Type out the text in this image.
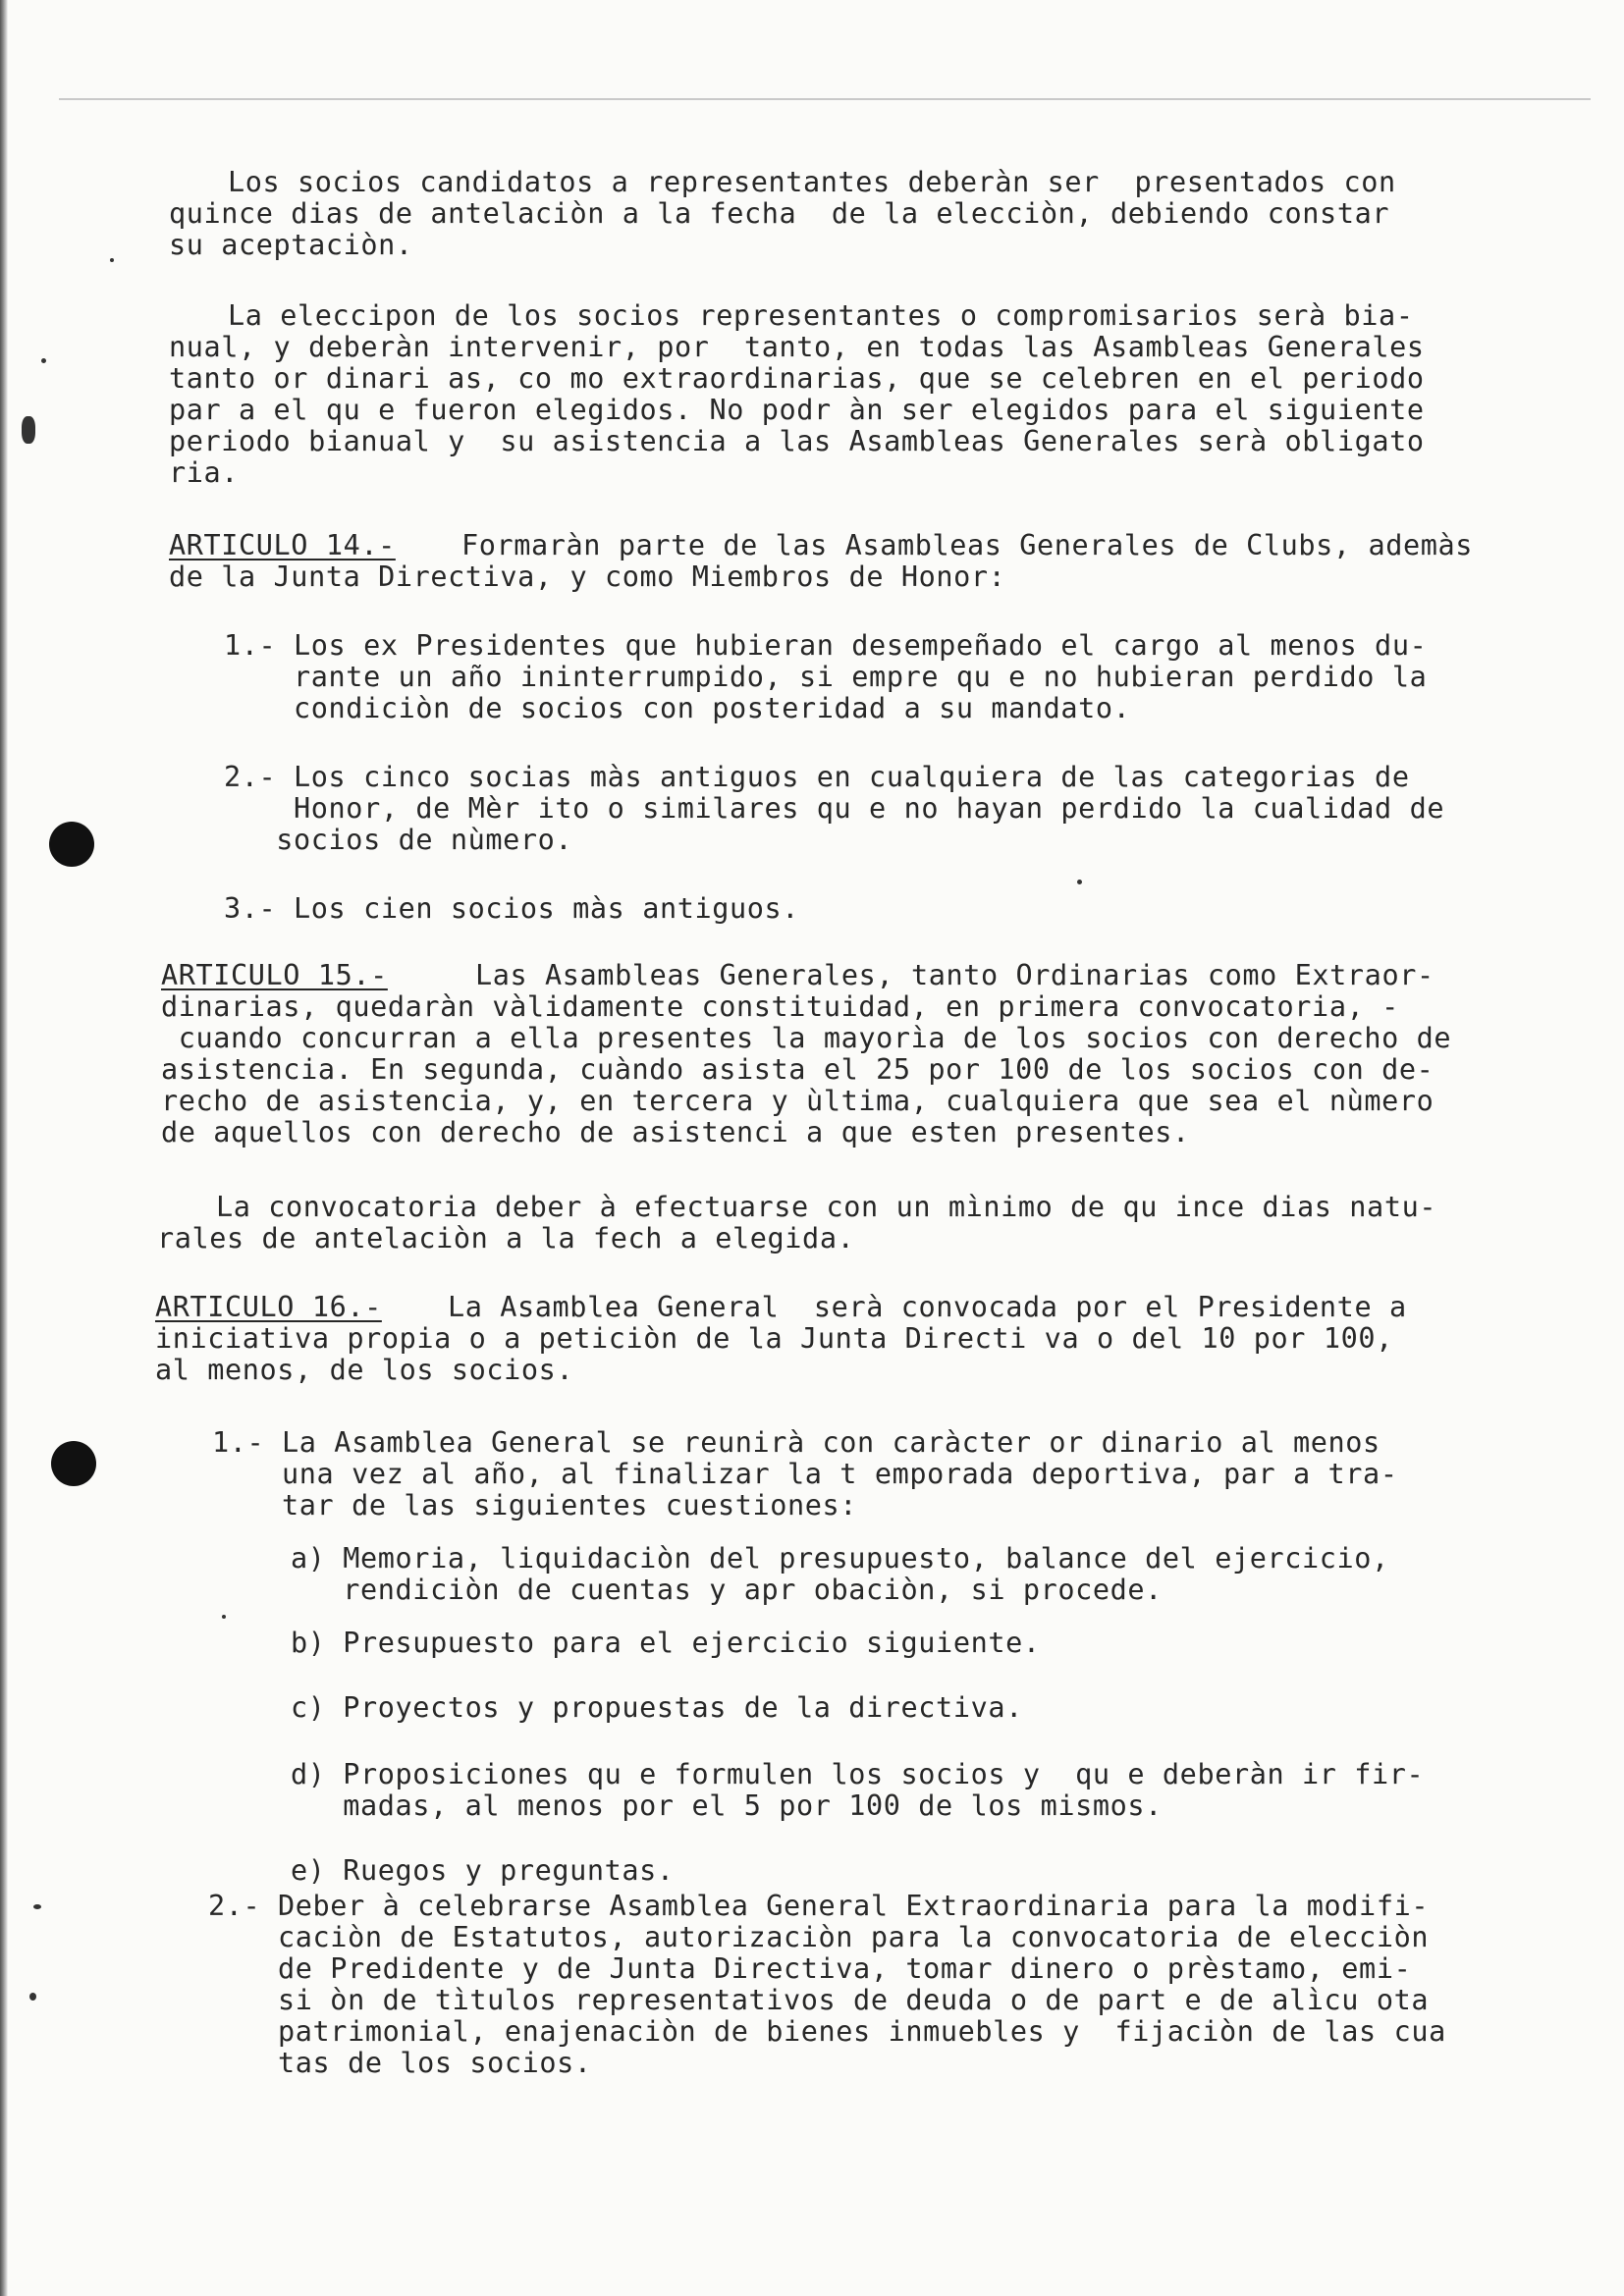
Los socios candidatos a representantes deberàn ser  presentados con
quince dias de antelaciòn a la fecha  de la elecciòn, debiendo constar
su aceptaciòn.
La eleccipon de los socios representantes o compromisarios serà bia-
nual, y deberàn intervenir, por  tanto, en todas las Asambleas Generales
tanto or dinari as, co mo extraordinarias, que se celebren en el periodo
par a el qu e fueron elegidos. No podr àn ser elegidos para el siguiente
periodo bianual y  su asistencia a las Asambleas Generales serà obligato
ria.
ARTICULO 14.- Formaràn parte de las Asambleas Generales de Clubs, ademàs
de la Junta Directiva, y como Miembros de Honor:
1.- Los ex Presidentes que hubieran desempeñado el cargo al menos du-
rante un año ininterrumpido, si empre qu e no hubieran perdido la
condiciòn de socios con posteridad a su mandato.
2.- Los cinco socias màs antiguos en cualquiera de las categorias de
Honor, de Mèr ito o similares qu e no hayan perdido la cualidad de
socios de nùmero.
3.- Los cien socios màs antiguos.
ARTICULO 15.-	Las Asambleas Generales, tanto Ordinarias como Extraor-
dinarias, quedaràn vàlidamente constituidad, en primera convocatoria, -
cuando concurran a ella presentes la mayorìa de los socios con derecho de
asistencia. En segunda, cuàndo asista el 25 por 100 de los socios con de-
recho de asistencia, y, en tercera y ùltima, cualquiera que sea el nùmero
de aquellos con derecho de asistenci a que esten presentes.
La convocatoria deber à efectuarse con un mìnimo de qu ince dias natu-
rales de antelaciòn a la fech a elegida.
ARTICULO 16.- La Asamblea General  serà convocada por el Presidente a
iniciativa propia o a peticiòn de la Junta Directi va o del 10 por 100,
al menos, de los socios.
1.- La Asamblea General se reunirà con caràcter or dinario al menos
una vez al año, al finalizar la t emporada deportiva, par a tra-
tar de las siguientes cuestiones:
a) Memoria, liquidaciòn del presupuesto, balance del ejercicio,
rendiciòn de cuentas y apr obaciòn, si procede.
b) Presupuesto para el ejercicio siguiente.
c) Proyectos y propuestas de la directiva.
d) Proposiciones qu e formulen los socios y  qu e deberàn ir fir-
madas, al menos por el 5 por 100 de los mismos.
e) Ruegos y preguntas.
2.- Deber à celebrarse Asamblea General Extraordinaria para la modifi-
caciòn de Estatutos, autorizaciòn para la convocatoria de elecciòn
de Predidente y de Junta Directiva, tomar dinero o prèstamo, emi-
si òn de tìtulos representativos de deuda o de part e de alìcu ota
patrimonial, enajenaciòn de bienes inmuebles y  fijaciòn de las cua
tas de los socios.
